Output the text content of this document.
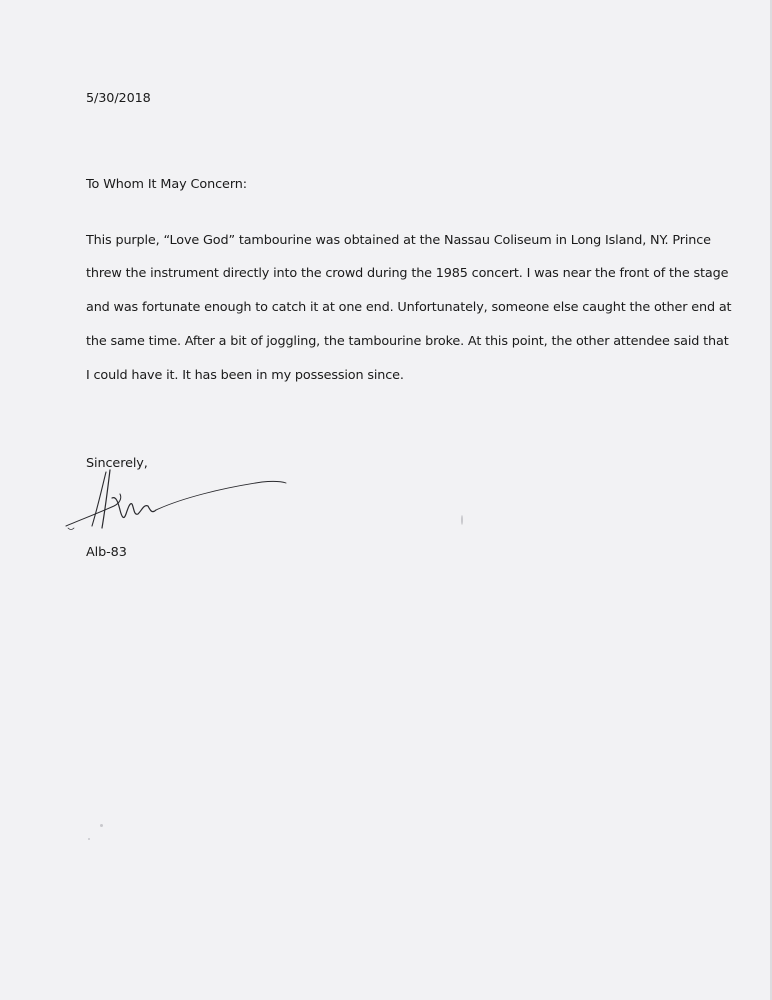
5/30/2018
To Whom It May Concern:
This purple, “Love God” tambourine was obtained at the Nassau Coliseum in Long Island, NY. Prince
threw the instrument directly into the crowd during the 1985 concert. I was near the front of the stage
and was fortunate enough to catch it at one end. Unfortunately, someone else caught the other end at
the same time. After a bit of joggling, the tambourine broke. At this point, the other attendee said that
I could have it. It has been in my possession since.
Sincerely,
Alb-83
